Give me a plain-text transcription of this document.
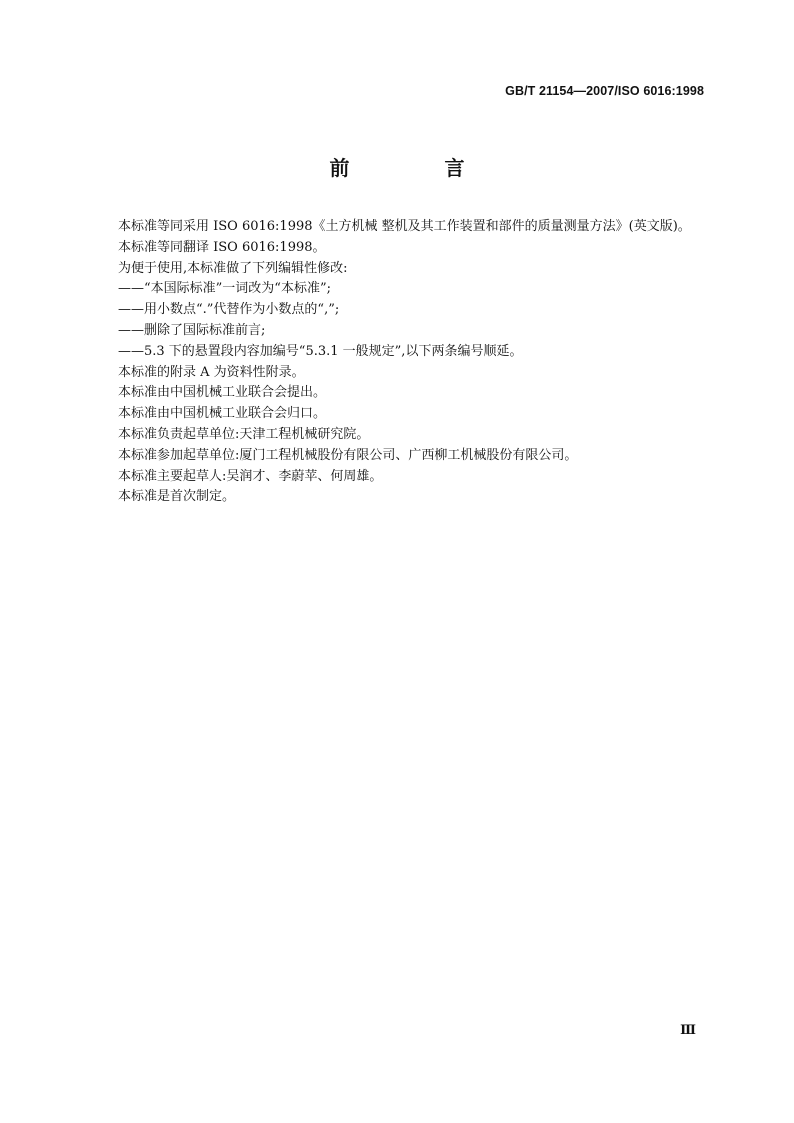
GB/T 21154—2007/ISO 6016:1998
前 言

本标准等同采用 ISO 6016:1998《土方机械 整机及其工作装置和部件的质量测量方法》(英文版)。

本标准等同翻译 ISO 6016:1998。

为便于使用,本标准做了下列编辑性修改:

——“本国际标准”一词改为“本标准”;

——用小数点“.”代替作为小数点的“,”;

——删除了国际标准前言;

——5.3 下的悬置段内容加编号“5.3.1 一般规定”,以下两条编号顺延。

本标准的附录 A 为资料性附录。

本标准由中国机械工业联合会提出。

本标准由中国机械工业联合会归口。

本标准负责起草单位:天津工程机械研究院。

本标准参加起草单位:厦门工程机械股份有限公司、广西柳工机械股份有限公司。

本标准主要起草人:吴润才、李蔚苹、何周雄。

本标准是首次制定。

Ⅲ
